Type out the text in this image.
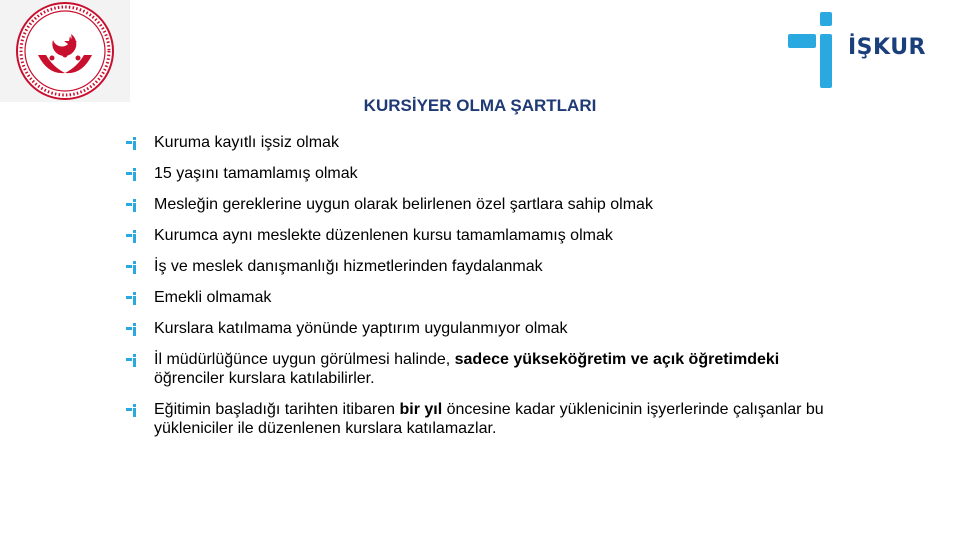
İŞKUR
KURSİYER OLMA ŞARTLARI
Kuruma kayıtlı işsiz olmak
15 yaşını tamamlamış olmak
Mesleğin gereklerine uygun olarak belirlenen özel şartlara sahip olmak
Kurumca aynı meslekte düzenlenen kursu tamamlamamış olmak
İş ve meslek danışmanlığı hizmetlerinden faydalanmak
Emekli olmamak
Kurslara katılmama yönünde yaptırım uygulanmıyor olmak
İl müdürlüğünce uygun görülmesi halinde, sadece yükseköğretim ve açık öğretimdeki öğrenciler kurslara katılabilirler.
Eğitimin başladığı tarihten itibaren bir yıl öncesine kadar yüklenicinin işyerlerinde çalışanlar bu yükleniciler ile düzenlenen kurslara katılamazlar.
